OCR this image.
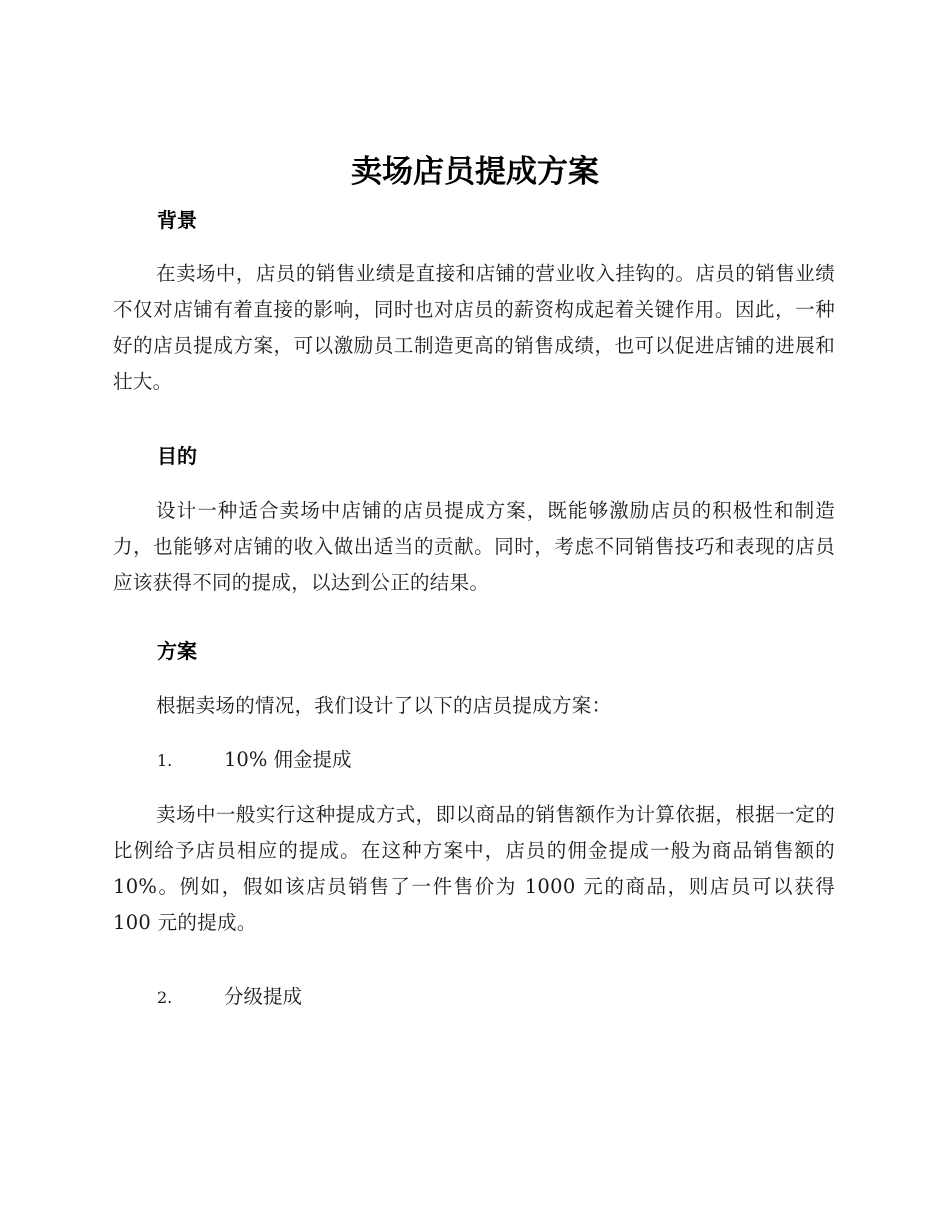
卖场店员提成方案
背景

在卖场中，店员的销售业绩是直接和店铺的营业收入挂钩的。店员的销售业绩不仅对店铺有着直接的影响，同时也对店员的薪资构成起着关键作用。因此，一种好的店员提成方案，可以激励员工制造更高的销售成绩，也可以促进店铺的进展和壮大。

目的

设计一种适合卖场中店铺的店员提成方案，既能够激励店员的积极性和制造力，也能够对店铺的收入做出适当的贡献。同时，考虑不同销售技巧和表现的店员应该获得不同的提成，以达到公正的结果。

方案

根据卖场的情况，我们设计了以下的店员提成方案：

1.	10% 佣金提成

卖场中一般实行这种提成方式，即以商品的销售额作为计算依据，根据一定的比例给予店员相应的提成。在这种方案中，店员的佣金提成一般为商品销售额的 10%。例如，假如该店员销售了一件售价为 1000 元的商品，则店员可以获得 100 元的提成。

2.	分级提成
